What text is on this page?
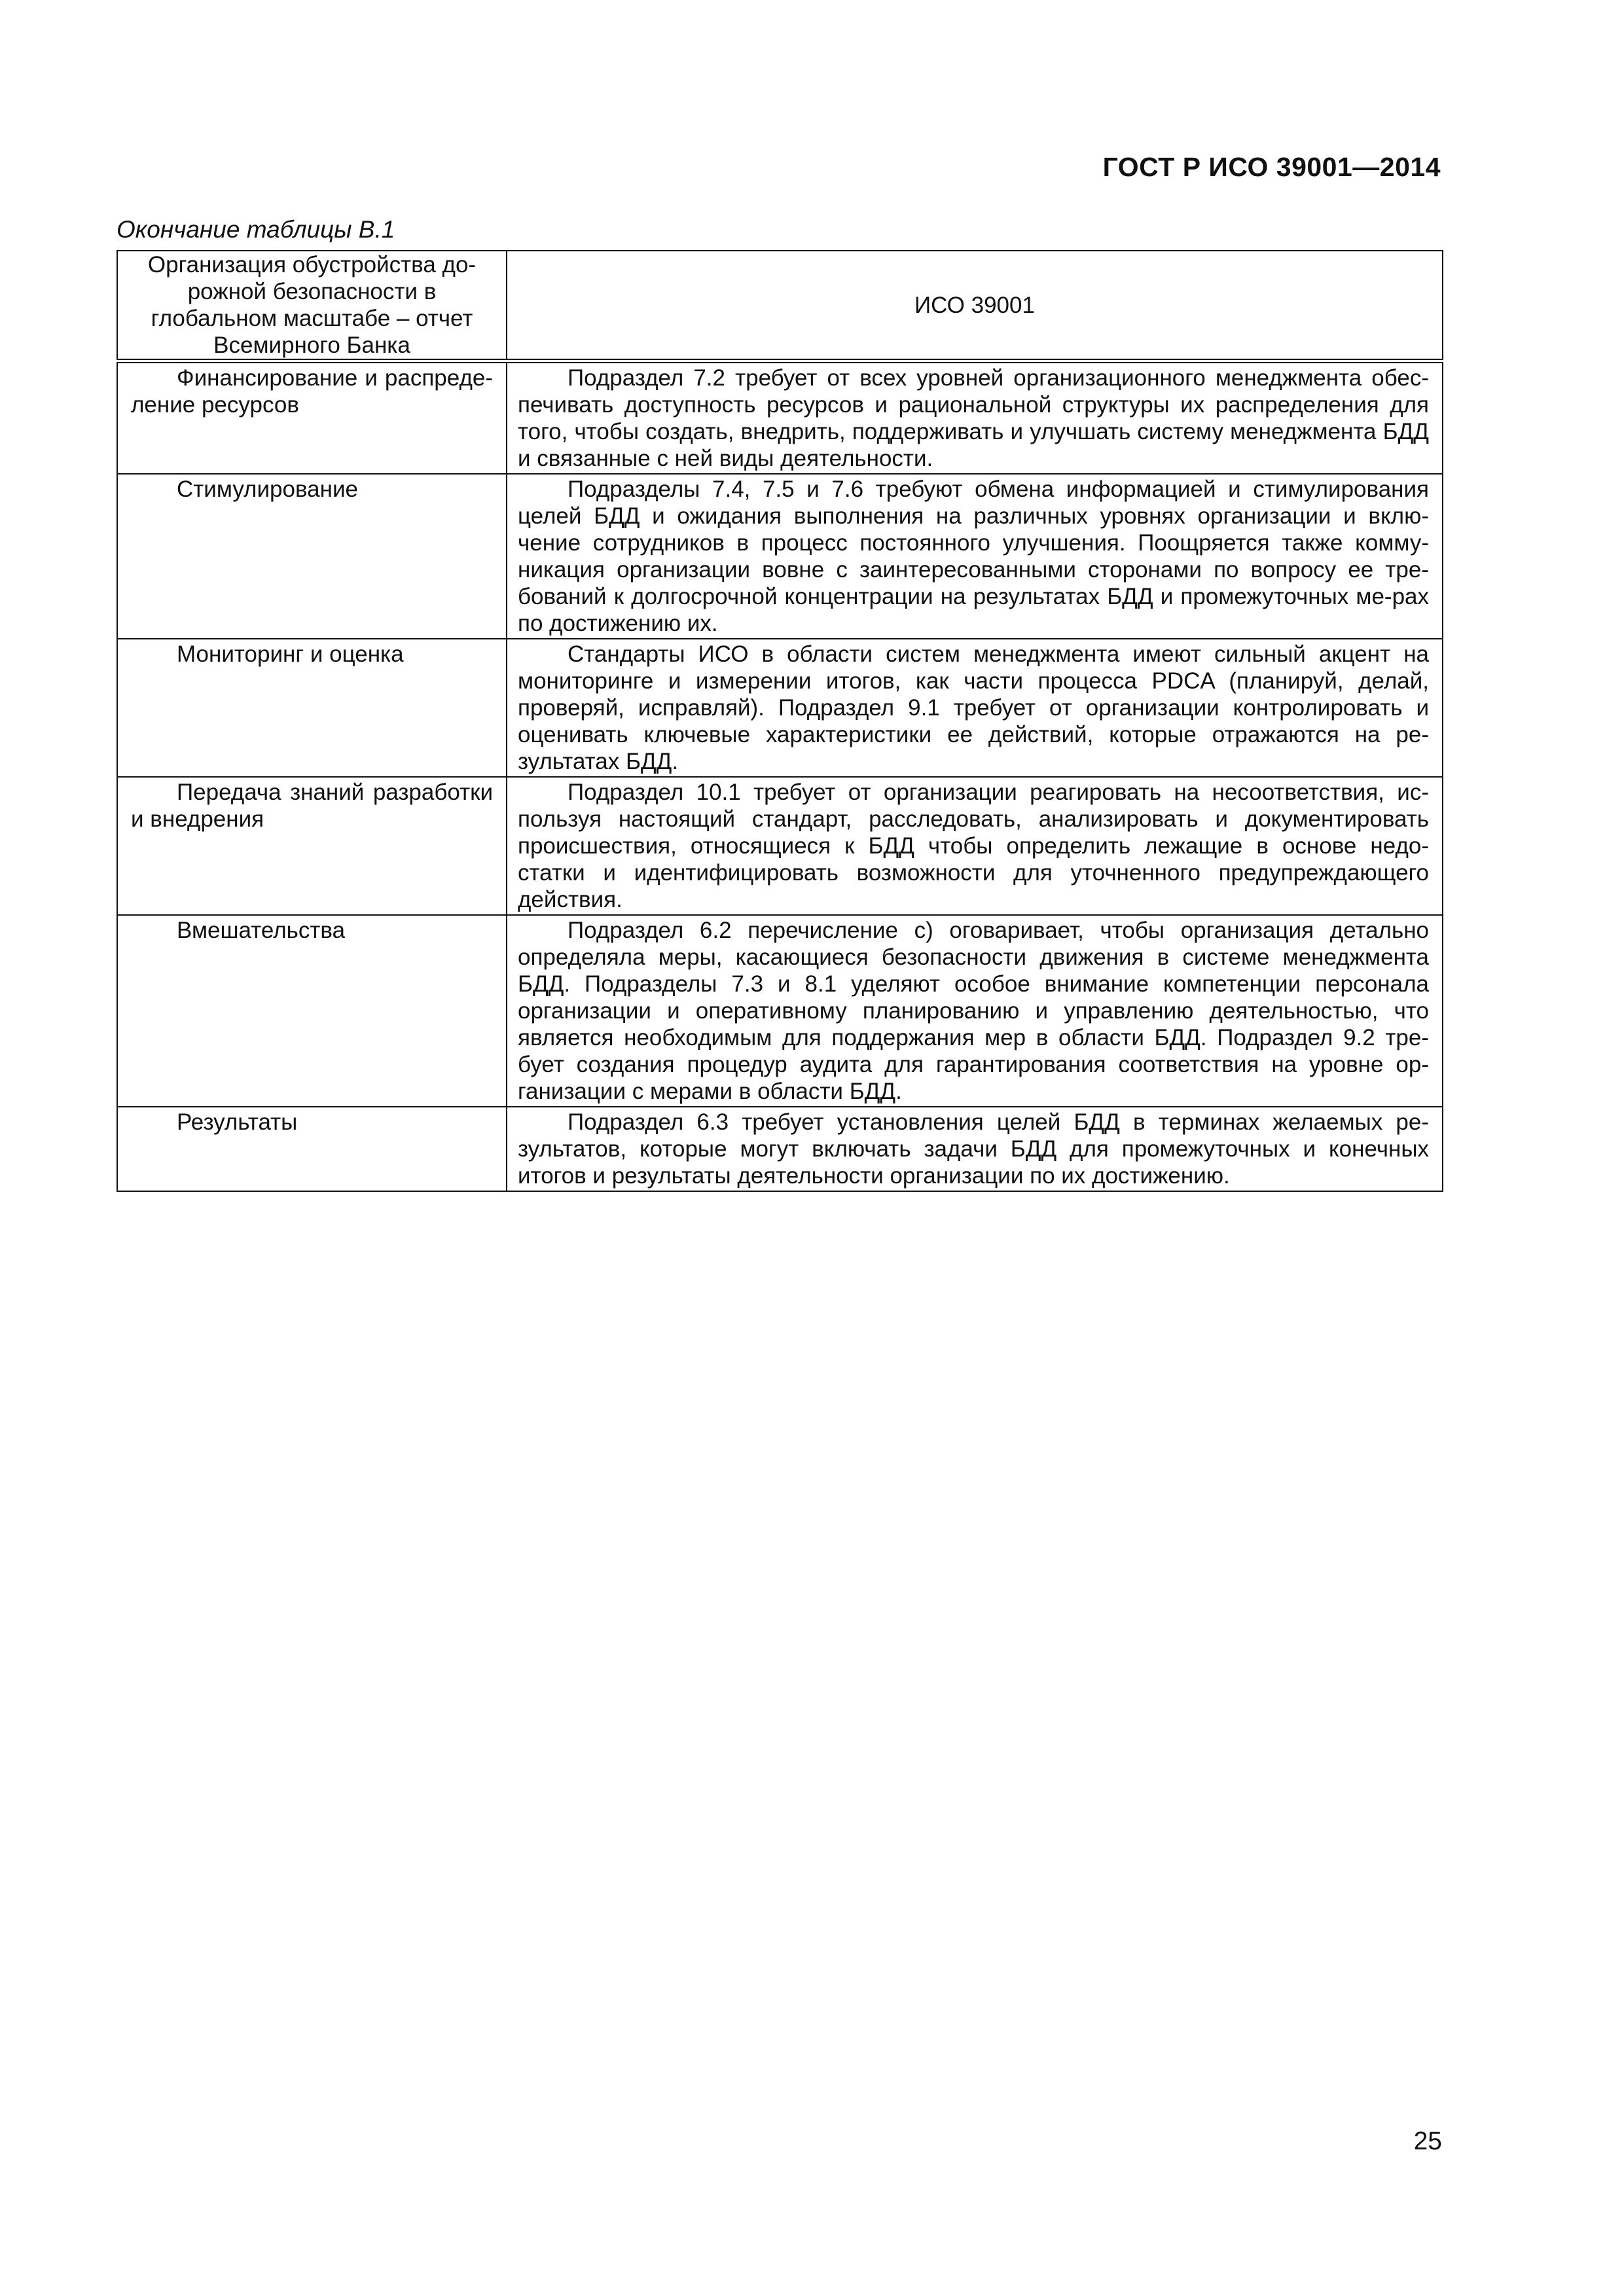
ГОСТ Р ИСО 39001—2014
Окончание таблицы В.1
Организация обустройства до-рожной безопасности в глобальном масштабе – отчет Всемирного Банка	ИСО 39001
Финансирование и распреде-ление ресурсов	Подраздел 7.2 требует от всех уровней организационного менеджмента обес-печивать доступность ресурсов и рациональной структуры их распределения для того, чтобы создать, внедрить, поддерживать и улучшать систему менеджмента БДД и связанные с ней виды деятельности.
Стимулирование	Подразделы 7.4, 7.5 и 7.6 требуют обмена информацией и стимулирования целей БДД и ожидания выполнения на различных уровнях организации и вклю-чение сотрудников в процесс постоянного улучшения. Поощряется также комму-никация организации вовне с заинтересованными сторонами по вопросу ее тре-бований к долгосрочной концентрации на результатах БДД и промежуточных ме-рах по достижению их.
Мониторинг и оценка	Стандарты ИСО в области систем менеджмента имеют сильный акцент на мониторинге и измерении итогов, как части процесса PDCA (планируй, делай, проверяй, исправляй). Подраздел 9.1 требует от организации контролировать и оценивать ключевые характеристики ее действий, которые отражаются на ре-зультатах БДД.
Передача знаний разработки и внедрения	Подраздел 10.1 требует от организации реагировать на несоответствия, ис-пользуя настоящий стандарт, расследовать, анализировать и документировать происшествия, относящиеся к БДД чтобы определить лежащие в основе недо-статки и идентифицировать возможности для уточненного предупреждающего действия.
Вмешательства	Подраздел 6.2 перечисление с) оговаривает, чтобы организация детально определяла меры, касающиеся безопасности движения в системе менеджмента БДД. Подразделы 7.3 и 8.1 уделяют особое внимание компетенции персонала организации и оперативному планированию и управлению деятельностью, что является необходимым для поддержания мер в области БДД. Подраздел 9.2 тре-бует создания процедур аудита для гарантирования соответствия на уровне ор-ганизации с мерами в области БДД.
Результаты	Подраздел 6.3 требует установления целей БДД в терминах желаемых ре-зультатов, которые могут включать задачи БДД для промежуточных и конечных итогов и результаты деятельности организации по их достижению.
25
